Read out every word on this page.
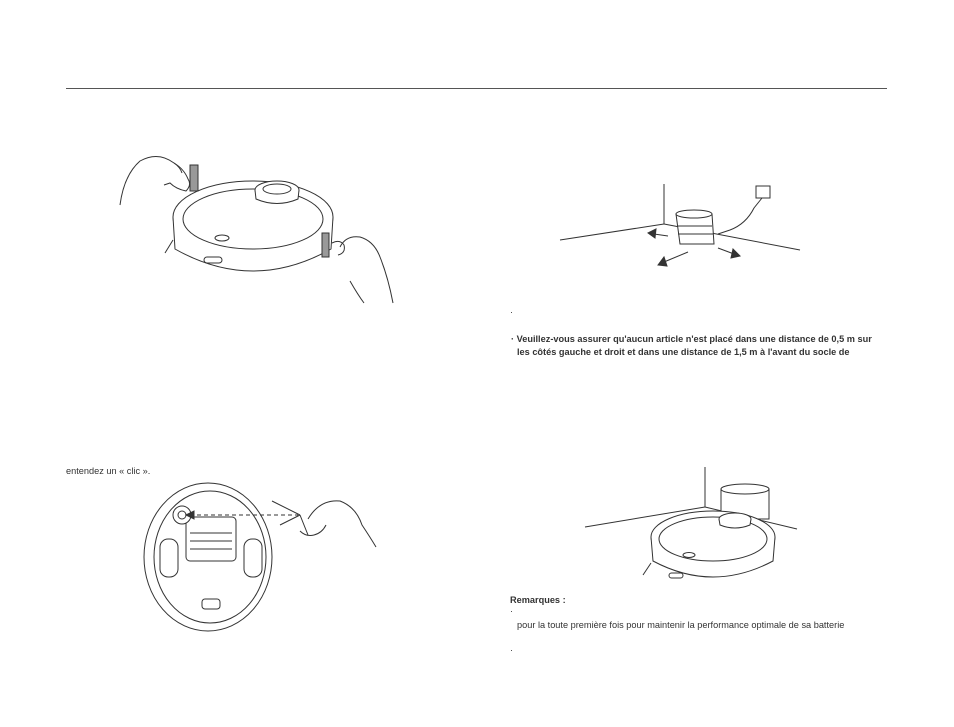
entendez un « clic ».
·
· Veuillez-vous assurer qu'aucun article n'est placé dans une distance de 0,5 m sur
les côtés gauche et droit et dans une distance de 1,5 m à l'avant du socle de
Remarques :
·
pour la toute première fois pour maintenir la performance optimale de sa batterie
·
